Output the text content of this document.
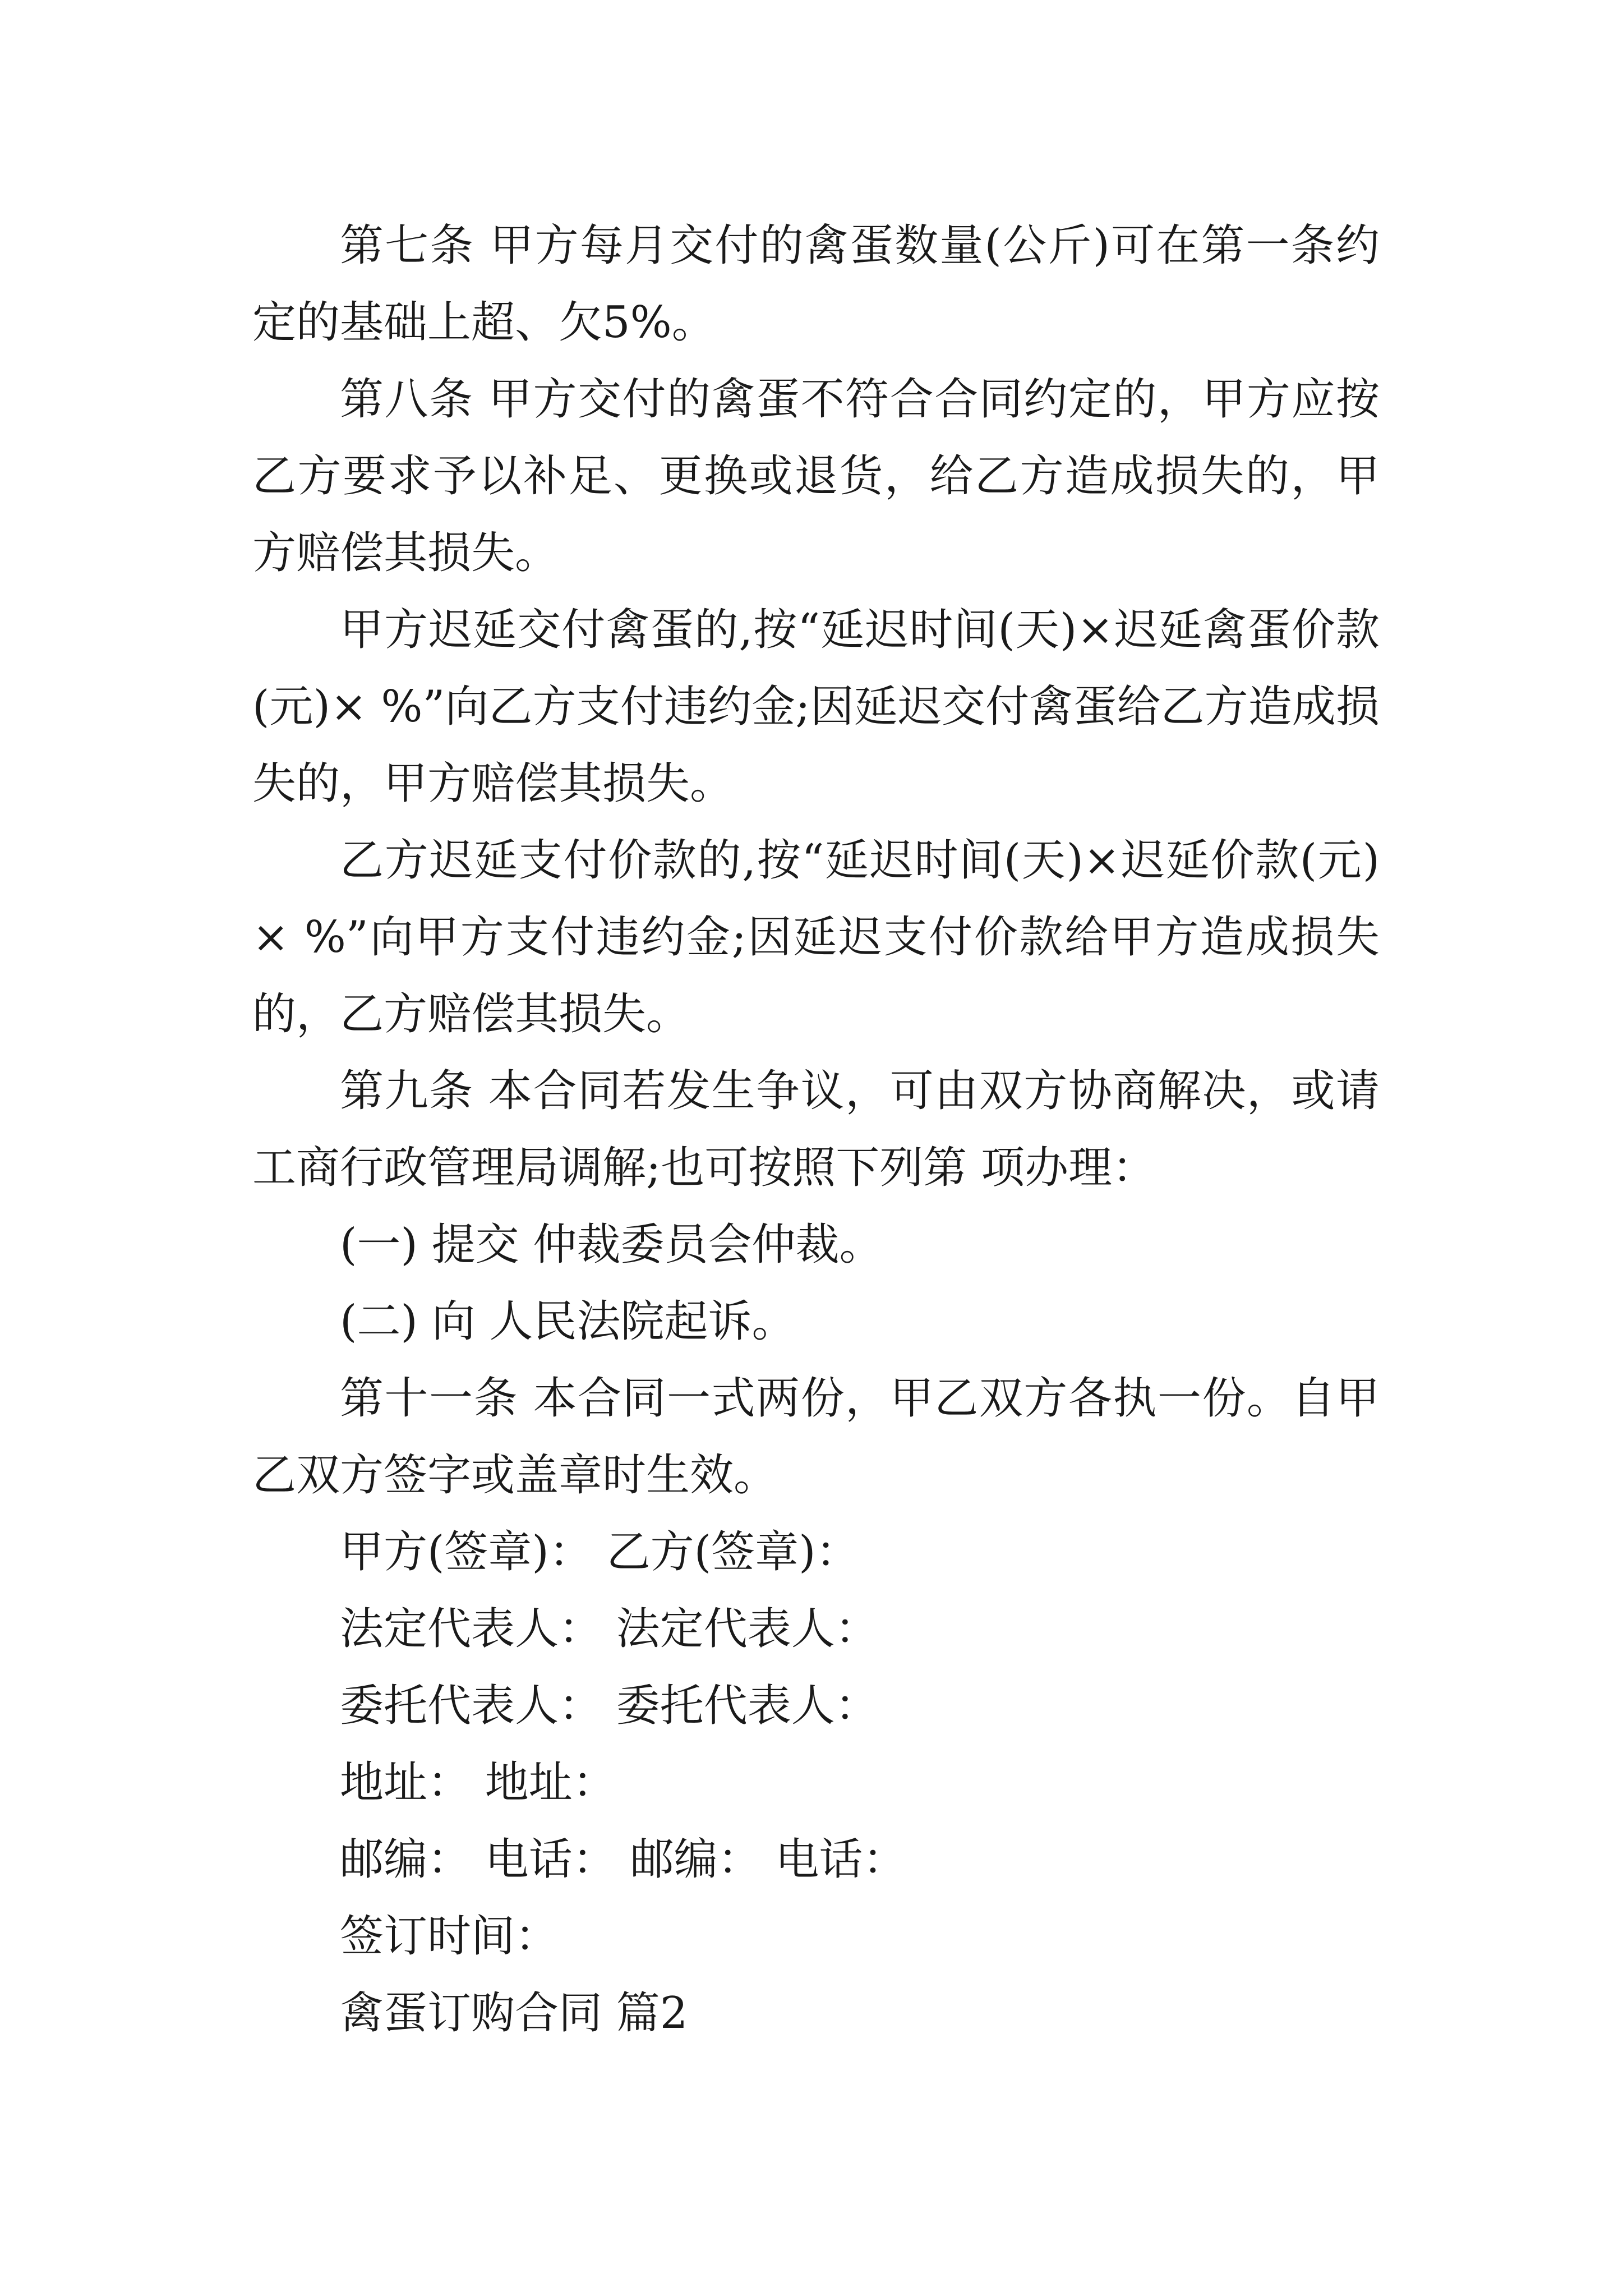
第七条 甲方每月交付的禽蛋数量(公斤)可在第一条约定的基础上超、欠5%。

第八条 甲方交付的禽蛋不符合合同约定的，甲方应按乙方要求予以补足、更换或退货，给乙方造成损失的，甲方赔偿其损失。

甲方迟延交付禽蛋的,按“延迟时间(天)×迟延禽蛋价款(元)× %”向乙方支付违约金;因延迟交付禽蛋给乙方造成损失的，甲方赔偿其损失。

乙方迟延支付价款的,按“延迟时间(天)×迟延价款(元)× %”向甲方支付违约金;因延迟支付价款给甲方造成损失的，乙方赔偿其损失。

第九条 本合同若发生争议，可由双方协商解决，或请工商行政管理局调解;也可按照下列第 项办理：

(一) 提交 仲裁委员会仲裁。

(二) 向 人民法院起诉。

第十一条 本合同一式两份，甲乙双方各执一份。自甲乙双方签字或盖章时生效。

甲方(签章)： 乙方(签章)：

法定代表人： 法定代表人：

委托代表人： 委托代表人：

地址： 地址：

邮编： 电话： 邮编： 电话：

签订时间：

禽蛋订购合同 篇2
